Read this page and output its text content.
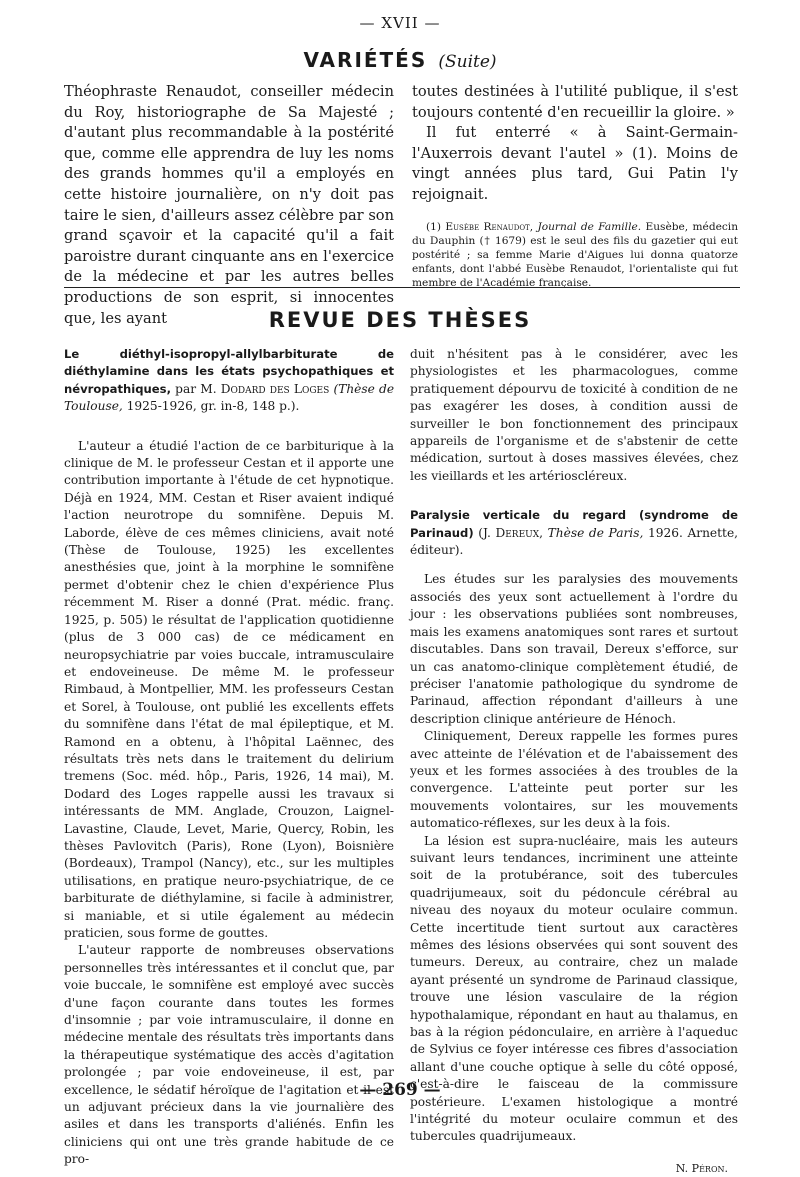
— XVII —
VARIÉTÉS (Suite)

Théophraste Renaudot, conseiller médecin du Roy, historiographe de Sa Majesté ; d'autant plus recommandable à la postérité que, comme elle apprendra de luy les noms des grands hommes qu'il a employés en cette histoire journalière, on n'y doit pas taire le sien, d'ailleurs assez célèbre par son grand sçavoir et la capacité qu'il a fait paroistre durant cinquante ans en l'exercice de la médecine et par les autres belles productions de son esprit, si innocentes que, les ayant

toutes destinées à l'utilité publique, il s'est toujours contenté d'en recueillir la gloire. »

Il fut enterré « à Saint-Germain-l'Auxerrois devant l'autel » (1). Moins de vingt années plus tard, Gui Patin l'y rejoignait.

(1) Eusèbe Renaudot, Journal de Famille. Eusèbe, médecin du Dauphin († 1679) est le seul des fils du gazetier qui eut postérité ; sa femme Marie d'Aigues lui donna quatorze enfants, dont l'abbé Eusèbe Renaudot, l'orientaliste qui fut membre de l'Académie française.

REVUE DES THÈSES

Le diéthyl-isopropyl-allylbarbiturate de diéthylamine dans les états psychopathiques et névropathiques, par M. Dodard des Loges (Thèse de Toulouse, 1925-1926, gr. in-8, 148 p.).

L'auteur a étudié l'action de ce barbiturique à la clinique de M. le professeur Cestan et il apporte une contribution importante à l'étude de cet hypnotique. Déjà en 1924, MM. Cestan et Riser avaient indiqué l'action neurotrope du somnifène. Depuis M. Laborde, élève de ces mêmes cliniciens, avait noté (Thèse de Toulouse, 1925) les excellentes anesthésies que, joint à la morphine le somnifène permet d'obtenir chez le chien d'expérience Plus récemment M. Riser a donné (Prat. médic. franç. 1925, p. 505) le résultat de l'application quotidienne (plus de 3 000 cas) de ce médicament en neuropsychiatrie par voies buccale, intramusculaire et endoveineuse. De même M. le professeur Rimbaud, à Montpellier, MM. les professeurs Cestan et Sorel, à Toulouse, ont publié les excellents effets du somnifène dans l'état de mal épileptique, et M. Ramond en a obtenu, à l'hôpital Laënnec, des résultats très nets dans le traitement du delirium tremens (Soc. méd. hôp., Paris, 1926, 14 mai), M. Dodard des Loges rappelle aussi les travaux si intéressants de MM. Anglade, Crouzon, Laignel-Lavastine, Claude, Levet, Marie, Quercy, Robin, les thèses Pavlovitch (Paris), Rone (Lyon), Boisnière (Bordeaux), Trampol (Nancy), etc., sur les multiples utilisations, en pratique neuro-psychiatrique, de ce barbiturate de diéthylamine, si facile à administrer, si maniable, et si utile également au médecin praticien, sous forme de gouttes.

L'auteur rapporte de nombreuses observations personnelles très intéressantes et il conclut que, par voie buccale, le somnifène est employé avec succès d'une façon courante dans toutes les formes d'insomnie ; par voie intramusculaire, il donne en médecine mentale des résultats très importants dans la thérapeutique systématique des accès d'agitation prolongée ; par voie endoveineuse, il est, par excellence, le sédatif héroïque de l'agitation et il est un adjuvant précieux dans la vie journalière des asiles et dans les transports d'aliénés. Enfin les cliniciens qui ont une très grande habitude de ce pro-

duit n'hésitent pas à le considérer, avec les physiologistes et les pharmacologues, comme pratiquement dépourvu de toxicité à condition de ne pas exagérer les doses, à condition aussi de surveiller le bon fonctionnement des principaux appareils de l'organisme et de s'abstenir de cette médication, surtout à doses massives élevées, chez les vieillards et les artérioscléreux.

Paralysie verticale du regard (syndrome de Parinaud) (J. Dereux, Thèse de Paris, 1926. Arnette, éditeur).

Les études sur les paralysies des mouvements associés des yeux sont actuellement à l'ordre du jour : les observations publiées sont nombreuses, mais les examens anatomiques sont rares et surtout discutables. Dans son travail, Dereux s'efforce, sur un cas anatomo-clinique complètement étudié, de préciser l'anatomie pathologique du syndrome de Parinaud, affection répondant d'ailleurs à une description clinique antérieure de Hénoch.

Cliniquement, Dereux rappelle les formes pures avec atteinte de l'élévation et de l'abaissement des yeux et les formes associées à des troubles de la convergence. L'atteinte peut porter sur les mouvements volontaires, sur les mouvements automatico-réflexes, sur les deux à la fois.

La lésion est supra-nucléaire, mais les auteurs suivant leurs tendances, incriminent une atteinte soit de la protubérance, soit des tubercules quadrijumeaux, soit du pédoncule cérébral au niveau des noyaux du moteur oculaire commun. Cette incertitude tient surtout aux caractères mêmes des lésions observées qui sont souvent des tumeurs. Dereux, au contraire, chez un malade ayant présenté un syndrome de Parinaud classique, trouve une lésion vasculaire de la région hypothalamique, répondant en haut au thalamus, en bas à la région pédonculaire, en arrière à l'aqueduc de Sylvius ce foyer intéresse ces fibres d'association allant d'une couche optique à selle du côté opposé, c'est-à-dire le faisceau de la commissure postérieure. L'examen histologique a montré l'intégrité du moteur oculaire commun et des tubercules quadrijumeaux.

N. Péron.

— 269 —
